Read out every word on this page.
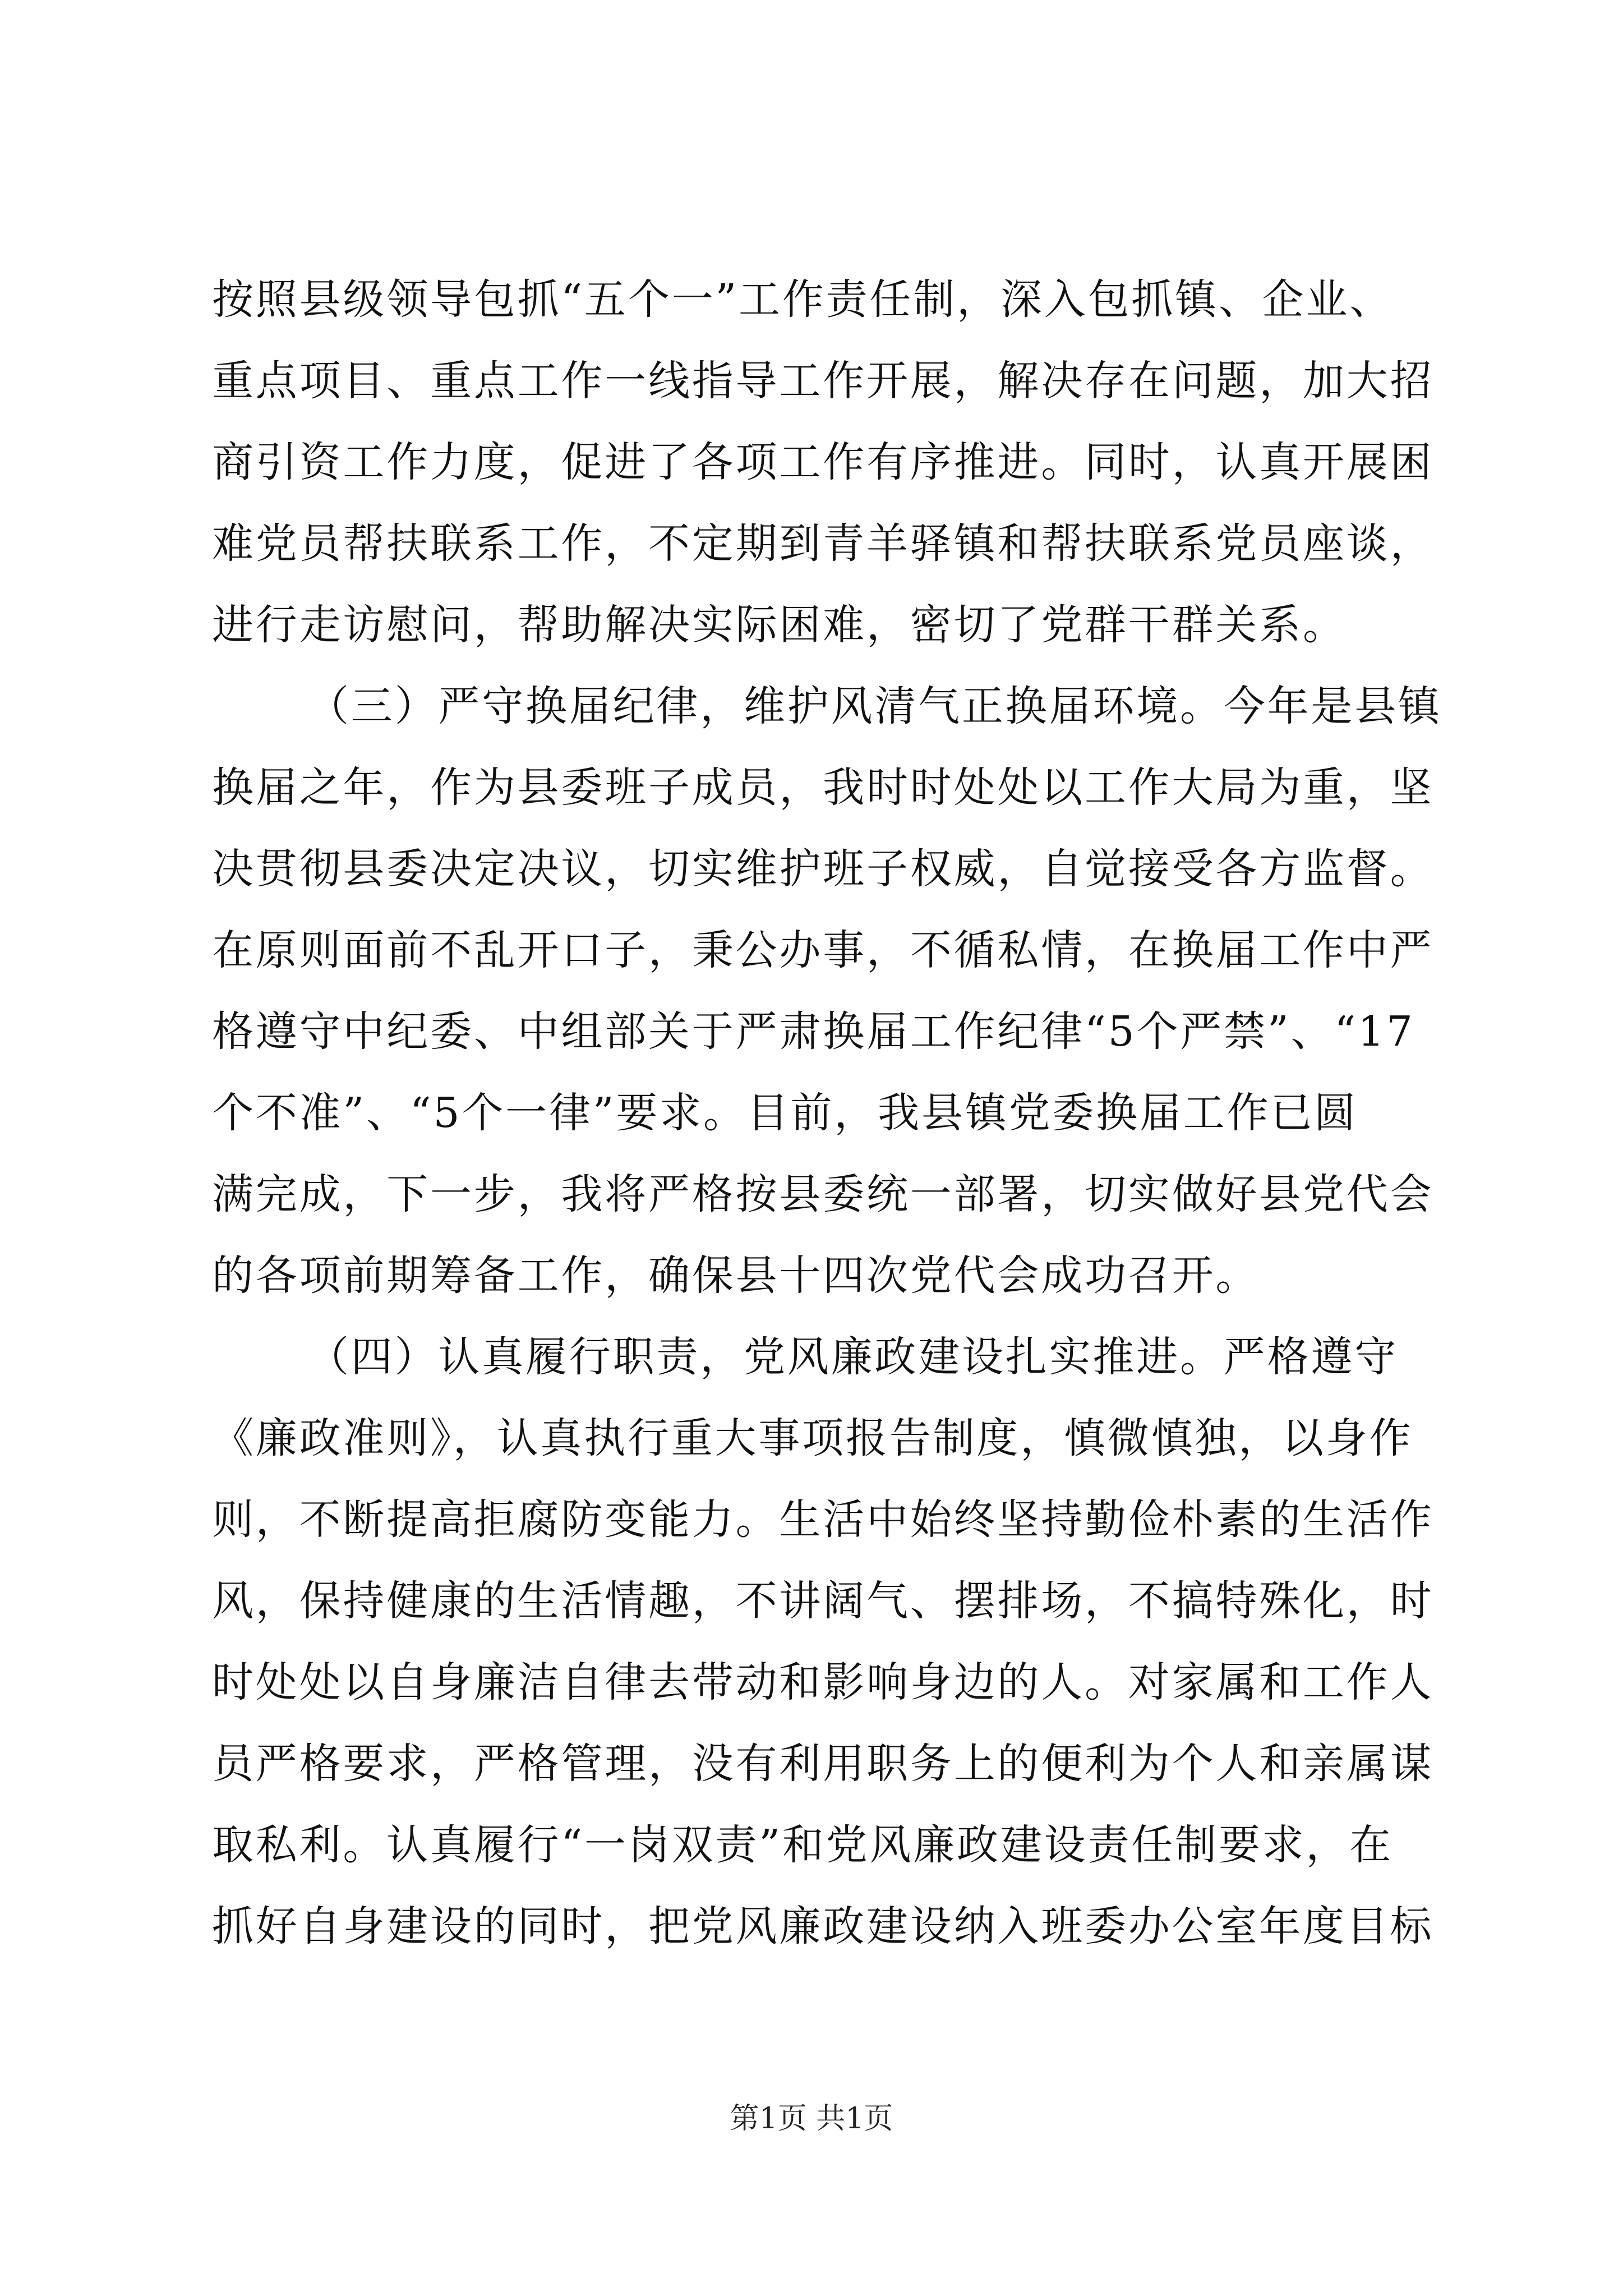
按照县级领导包抓“五个一”工作责任制，深入包抓镇、企业、
重点项目、重点工作一线指导工作开展，解决存在问题，加大招
商引资工作力度，促进了各项工作有序推进。同时，认真开展困
难党员帮扶联系工作，不定期到青羊驿镇和帮扶联系党员座谈，
进行走访慰问，帮助解决实际困难，密切了党群干群关系。
（三）严守换届纪律，维护风清气正换届环境。今年是县镇
换届之年，作为县委班子成员，我时时处处以工作大局为重，坚
决贯彻县委决定决议，切实维护班子权威，自觉接受各方监督。
在原则面前不乱开口子，秉公办事，不循私情，在换届工作中严
格遵守中纪委、中组部关于严肃换届工作纪律“5个严禁”、“17
个不准”、“5个一律”要求。目前，我县镇党委换届工作已圆
满完成，下一步，我将严格按县委统一部署，切实做好县党代会
的各项前期筹备工作，确保县十四次党代会成功召开。
（四）认真履行职责，党风廉政建设扎实推进。严格遵守
《廉政准则》，认真执行重大事项报告制度，慎微慎独，以身作
则，不断提高拒腐防变能力。生活中始终坚持勤俭朴素的生活作
风，保持健康的生活情趣，不讲阔气、摆排场，不搞特殊化，时
时处处以自身廉洁自律去带动和影响身边的人。对家属和工作人
员严格要求，严格管理，没有利用职务上的便利为个人和亲属谋
取私利。认真履行“一岗双责”和党风廉政建设责任制要求，在
抓好自身建设的同时，把党风廉政建设纳入班委办公室年度目标
第1页 共1页
